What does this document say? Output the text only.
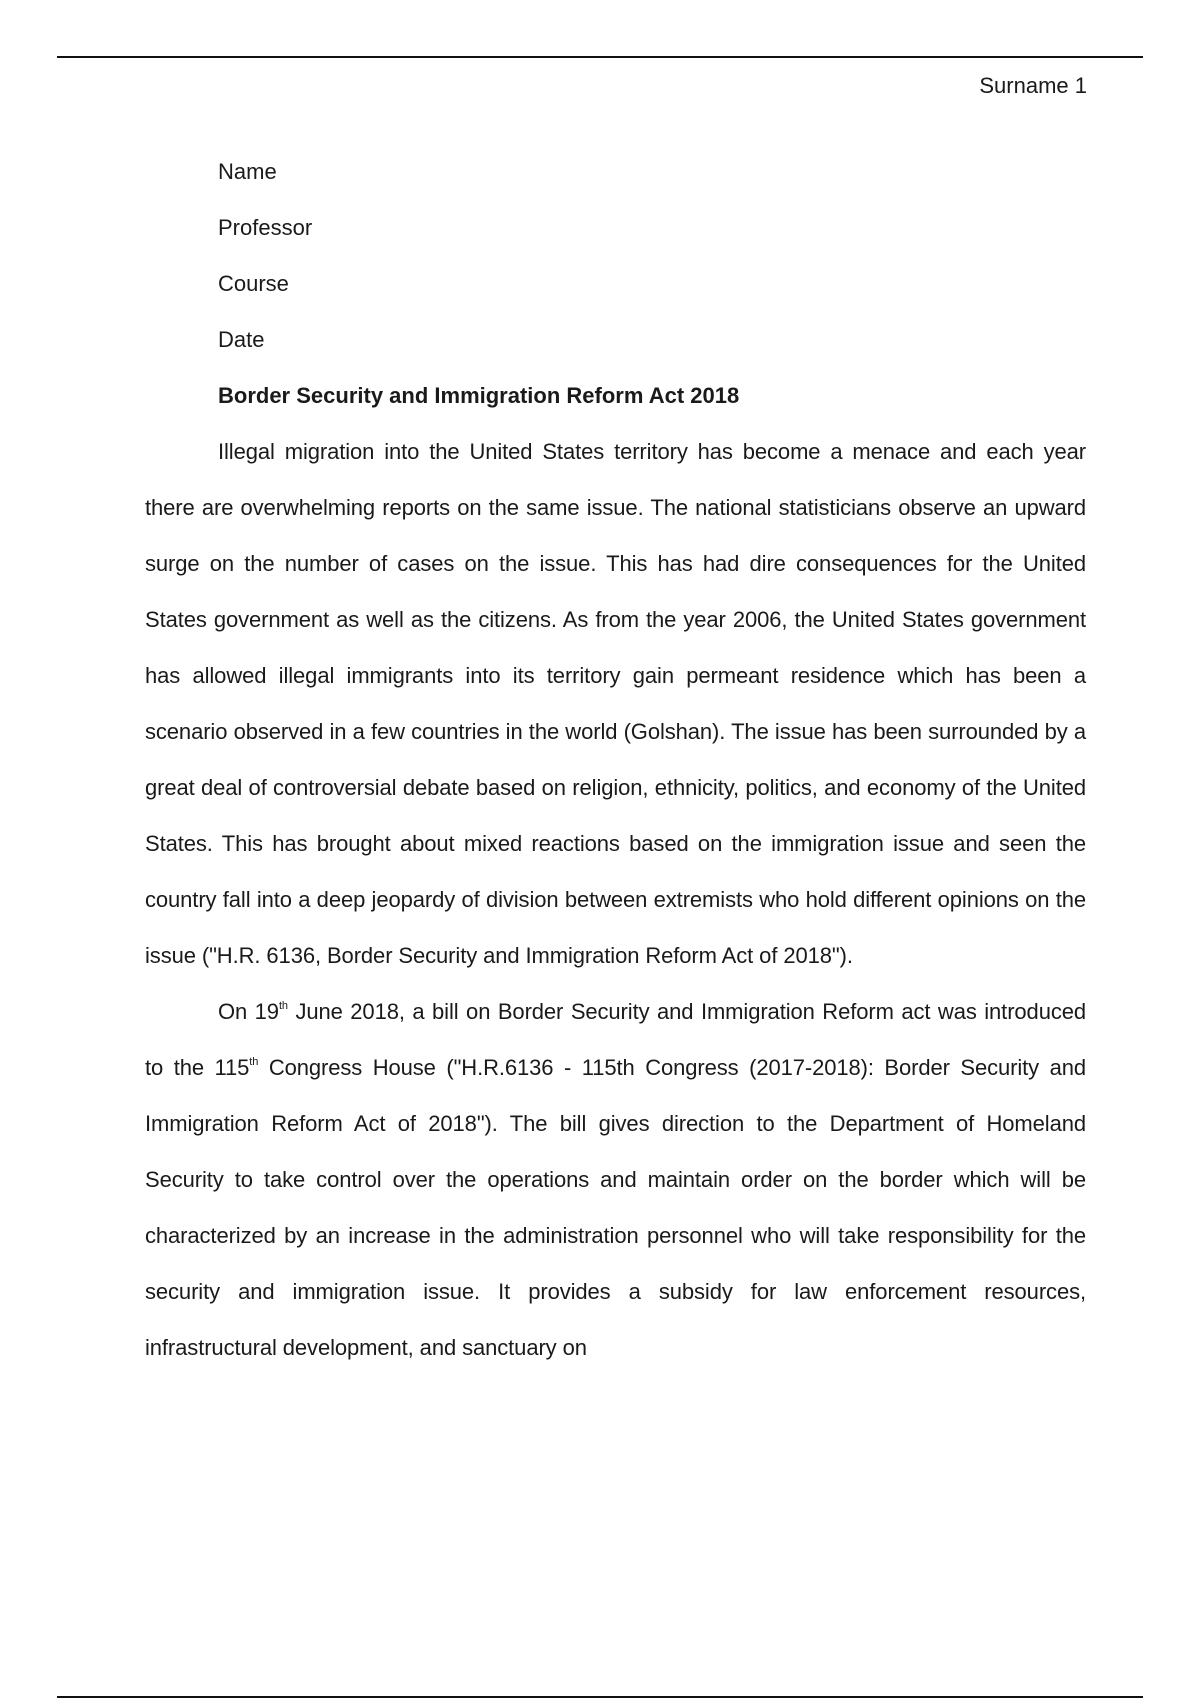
Surname 1
Name
Professor
Course
Date
Border Security and Immigration Reform Act 2018

Illegal migration into the United States territory has become a menace and each year there are overwhelming reports on the same issue. The national statisticians observe an upward surge on the number of cases on the issue. This has had dire consequences for the United States government as well as the citizens. As from the year 2006, the United States government has allowed illegal immigrants into its territory gain permeant residence which has been a scenario observed in a few countries in the world (Golshan). The issue has been surrounded by a great deal of controversial debate based on religion, ethnicity, politics, and economy of the United States. This has brought about mixed reactions based on the immigration issue and seen the country fall into a deep jeopardy of division between extremists who hold different opinions on the issue ("H.R. 6136, Border Security and Immigration Reform Act of 2018").

On 19th June 2018, a bill on Border Security and Immigration Reform act was introduced to the 115th Congress House ("H.R.6136 - 115th Congress (2017-2018): Border Security and Immigration Reform Act of 2018"). The bill gives direction to the Department of Homeland Security to take control over the operations and maintain order on the border which will be characterized by an increase in the administration personnel who will take responsibility for the security and immigration issue. It provides a subsidy for law enforcement resources, infrastructural development, and sanctuary on
